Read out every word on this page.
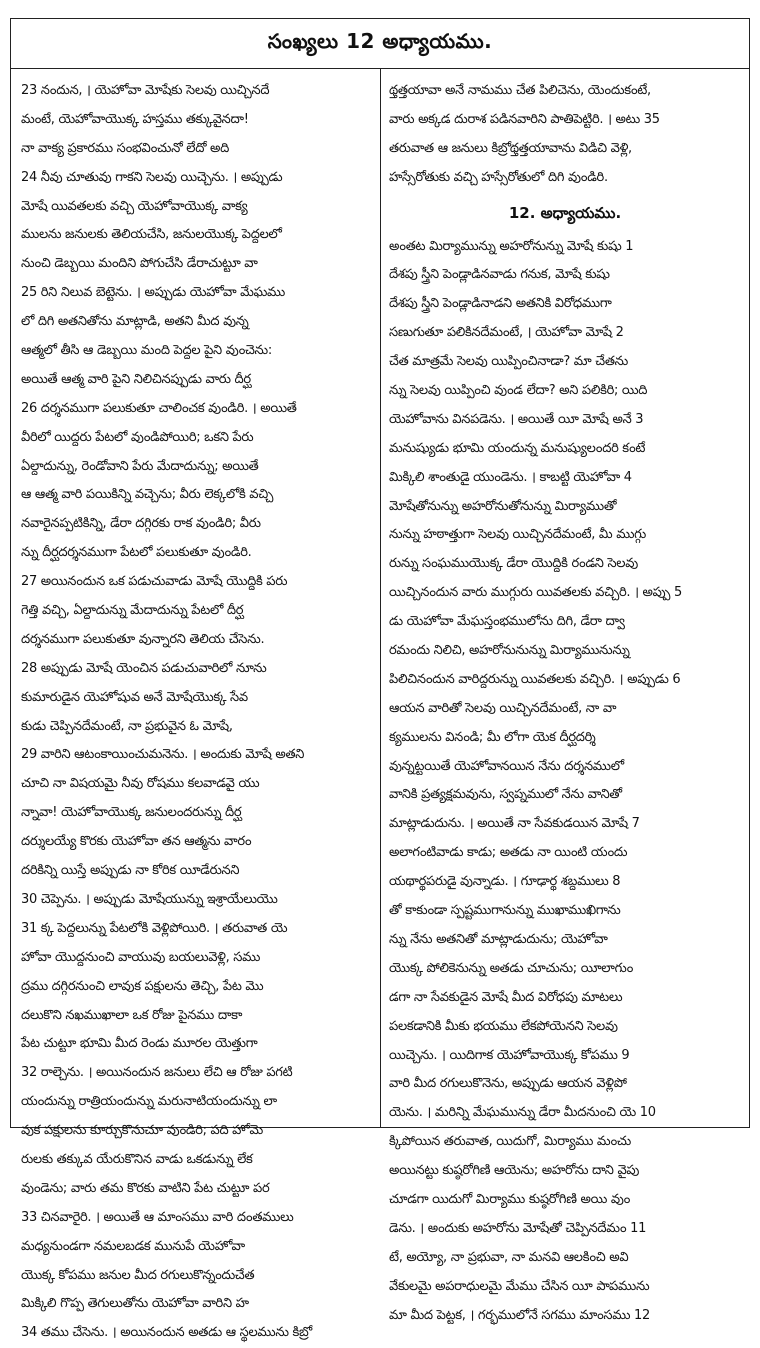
సంఖ్యలు 12 అధ్యాయము.
23 నందున, । యెహోవా మోషేకు సెలవు యిచ్చినదే
మంటే, యెహోవాయొక్క హస్తము తక్కువైనదా!
నా వాక్య ప్రకారము సంభవించునో లేదో అది
24 నీవు చూతువు గాకని సెలవు యిచ్చెను. । అప్పుడు
మోషే యివతలకు వచ్చి యెహోవాయొక్క వాక్య
ములను జనులకు తెలియచేసి, జనులయొక్క పెద్దలలో
నుంచి డెబ్బయి మందిని పోగుచేసి డేరాచుట్టూ వా
25 రిని నిలువ బెట్టెను. । అప్పుడు యెహోవా మేఘము
లో దిగి అతనితోను మాట్లాడి, అతని మీద వున్న
ఆత్మలో తీసి ఆ డెబ్బయి మంది పెద్దల పైని వుంచెను:
అయితే ఆత్మ వారి పైని నిలిచినప్పుడు వారు దీర్ఘ
26 దర్శనముగా పలుకుతూ చాలించక వుండిరి. । అయితే
వీరిలో యిద్దరు పేటలో వుండిపోయిరి; ఒకని పేరు
ఏల్దాదున్ను, రెండోవాని పేరు మేదాదున్ను; అయితే
ఆ ఆత్మ వారి పయికిన్ని వచ్చెను; వీరు లెక్కలోకి వచ్చి
నవారైనప్పటికిన్ని, డేరా దగ్గిరకు రాక వుండిరి; వీరు
న్ను దీర్ఘదర్శనముగా పేటలో పలుకుతూ వుండిరి.
27 అయినందున ఒక పడుచువాడు మోషే యొద్దికి పరు
గెత్తి వచ్చి, ఏల్దాదున్ను మేదాదున్ను పేటలో దీర్ఘ
దర్శనముగా పలుకుతూ వున్నారని తెలియ చేసెను.
28 అప్పుడు మోషే యెంచిన పడుచువారిలో నూను
కుమారుడైన యెహోషువ అనే మోషేయొక్క సేవ
కుడు చెప్పినదేమంటే, నా ప్రభువైన ఓ మోషే,
29 వారిని ఆటంకాయించుమనెను. । అందుకు మోషే అతని
చూచి నా విషయమై నీవు రోషము కలవాడవై యు
న్నావా! యెహోవాయొక్క జనులందరున్ను దీర్ఘ
దర్శులయ్యే కొరకు యెహోవా తన ఆత్మను వారం
దరికిన్ని యిస్తే అప్పుడు నా కోరిక యీడేరునని
30 చెప్పెను. । అప్పుడు మోషేయున్ను ఇశ్రాయేలుయొ
31 క్క పెద్దలున్ను పేటలోకి వెళ్లిపోయిరి. । తరువాత యె
హోవా యొద్దనుంచి వాయువు బయలువెళ్లి, సము
ద్రము దగ్గిరనుంచి లావుక పక్షులను తెచ్చి, పేట మొ
దలుకొని నఖముఖాలా ఒక రోజు పైనము దాకా
పేట చుట్టూ భూమి మీద రెండు మూరల యెత్తుగా
32 రాల్చెను. । అయినందున జనులు లేచి ఆ రోజు పగటి
యందున్ను రాత్రియందున్ను మరునాటియందున్ను లా
వుక పక్షులను కూర్చుకొనుచూ వుండిరి; పది హోమె
రులకు తక్కువ యేరుకొనిన వాడు ఒకడున్ను లేక
వుండెను; వారు తమ కొరకు వాటిని పేట చుట్టూ పర
33 చినవారైరి. । అయితే ఆ మాంసము వారి దంతములు
మధ్యనుండగా నమలబడక మునుపే యెహోవా
యొక్క కోపము జనుల మీద రగులుకొన్నందుచేత
మిక్కిలి గొప్ప తెగులుతోను యెహోవా వారిని హ
34 తము చేసెను. । అయినందున అతడు ఆ స్థలమును కిబ్రో
థ్తత్తయావా అనే నామము చేత పిలిచెను, యెందుకంటే,
వారు అక్కడ దురాశ పడినవారిని పాతిపెట్టిరి. । అటు 35
తరువాత ఆ జనులు కిబ్రోథ్తత్తయావాను విడిచి వెళ్లి,
హస్సేరోతుకు వచ్చి హస్సేరోతులో దిగి వుండిరి.
12. అధ్యాయము.
అంతట మిర్యామున్ను అహరోనున్ను మోషే కుషు 1
దేశపు స్త్రీని పెండ్లాడినవాడు గనుక, మోషే కుషు
దేశపు స్త్రీని పెండ్లాడినాడని అతనికి విరోధముగా
సణుగుతూ పలికినదేమంటే, । యెహోవా మోషే 2
చేత మాత్రమే సెలవు యిప్పించినాడా? మా చేతను
న్ను సెలవు యిప్పించి వుండ లేదా? అని పలికిరి; యిది
యెహోవాను వినపడెను. । అయితే యీ మోషే అనే 3
మనుష్యుడు భూమి యందున్న మనుష్యులందరి కంటే
మిక్కిలి శాంతుడై యుండెను. । కాబట్టి యెహోవా 4
మోషేతోనున్ను అహరోనుతోనున్ను మిర్యాముతో
నున్ను హఠాత్తుగా సెలవు యిచ్చినదేమంటే, మీ ముగ్గు
రున్ను సంఘముయొక్క డేరా యొద్దికి రండని సెలవు
యిచ్చినందున వారు ముగ్గురు యివతలకు వచ్చిరి. । అప్పు 5
డు యెహోవా మేఘస్తంభములోను దిగి, డేరా ద్వా
రమందు నిలిచి, అహరోనునున్ను మిర్యామునున్ను
పిలిచినందున వారిద్దరున్ను యివతలకు వచ్చిరి. । అప్పుడు 6
ఆయన వారితో సెలవు యిచ్చినదేమంటే, నా వా
క్యములను వినండి; మీ లోగా యెక దీర్ఘదర్శి
వున్నట్టయితే యెహోవానయిన నేను దర్శనములో
వానికి ప్రత్యక్షమవును, స్వప్నములో నేను వానితో
మాట్లాడుదును. । అయితే నా సేవకుడయిన మోషే 7
అలాగంటివాడు కాడు; అతడు నా యింటి యందు
యథార్థపరుడై వున్నాడు. । గూఢార్థ శబ్దములు 8
తో కాకుండా స్పష్టముగానున్ను ముఖాముఖిగాను
న్ను నేను అతనితో మాట్లాడుదును; యెహోవా
యొక్క పోలికెనున్ను అతడు చూచును; యీలాగుం
డగా నా సేవకుడైన మోషే మీద విరోధపు మాటలు
పలకడానికి మీకు భయము లేకపోయెనని సెలవు
యిచ్చెను. । యిదిగాక యెహోవాయొక్క కోపము 9
వారి మీద రగులుకొనెను, అప్పుడు ఆయన వెళ్లిపో
యెను. । మరిన్ని మేఘమున్ను డేరా మీదనుంచి యె 10
క్కిపోయిన తరువాత, యిదుగో, మిర్యాము మంచు
అయినట్టు కుష్ఠరోగిణి ఆయెను; అహరోను దాని వైపు
చూడగా యిదుగో మిర్యాము కుష్ఠరోగిణి అయి వుం
డెను. । అందుకు అహరోను మోషేతో చెప్పినదేమం 11
టే, అయ్యో, నా ప్రభువా, నా మనవి ఆలకించి అవి
వేకులమై అపరాధులమై మేము చేసిన యీ పాపమును
మా మీద పెట్టక, । గర్భములోనే సగము మాంసము 12
